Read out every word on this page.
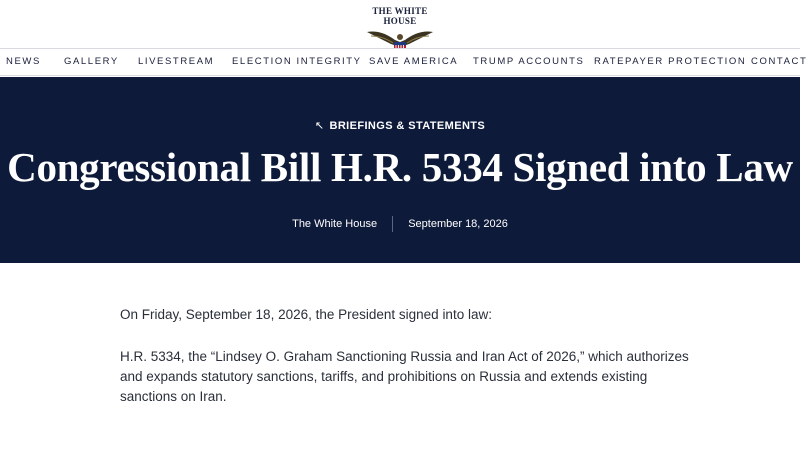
THE WHITE HOUSE
NEWS GALLERY LIVESTREAM ELECTION INTEGRITY SAVE AMERICA TRUMP ACCOUNTS RATEPAYER PROTECTION CONTACT
↖ BRIEFINGS & STATEMENTS
Congressional Bill H.R. 5334 Signed into Law
The White House	September 18, 2026

On Friday, September 18, 2026, the President signed into law:

H.R. 5334, the “Lindsey O. Graham Sanctioning Russia and Iran Act of 2026,” which authorizes and expands statutory sanctions, tariffs, and prohibitions on Russia and extends existing sanctions on Iran.
